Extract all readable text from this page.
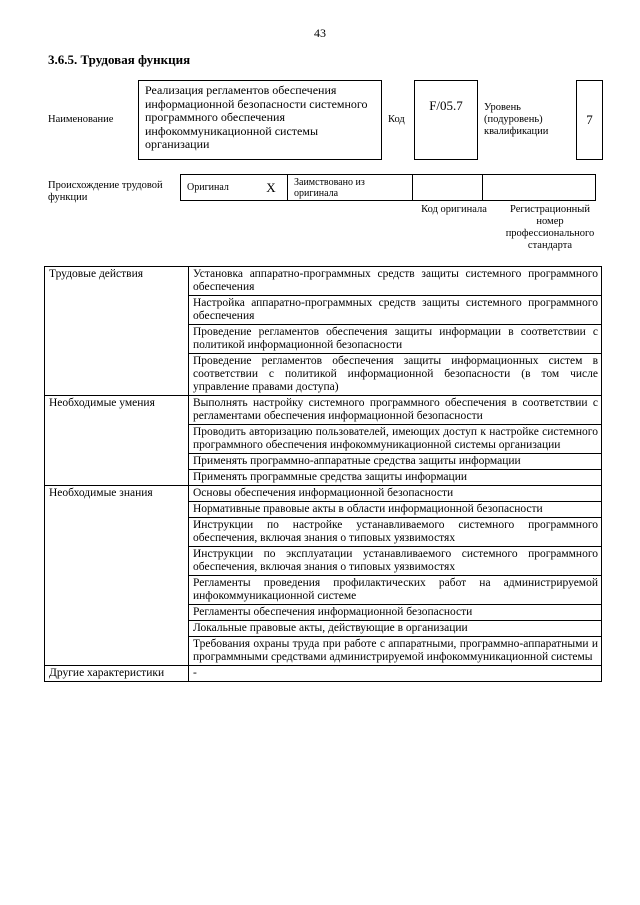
43
3.6.5. Трудовая функция
Наименование
Реализация регламентов обеспечения информационной безопасности системного программного обеспечения инфокоммуникационной системы организации
Код
F/05.7	Уровень (подуровень) квалификации
7
Происхождение трудовой функции
Оригинал	X	Заимствовано из оригинала		
Код оригинала	Регистрационный номер профессионального стандарта
Трудовые действия	Установка аппаратно-программных средств защиты системного программного обеспечения
	Настройка аппаратно-программных средств защиты системного программного обеспечения
	Проведение регламентов обеспечения защиты информации в соответствии с политикой информационной безопасности
	Проведение регламентов обеспечения защиты информационных систем в соответствии с политикой информационной безопасности (в том числе управление правами доступа)
Необходимые умения	Выполнять настройку системного программного обеспечения в соответствии с регламентами обеспечения информационной безопасности
	Проводить авторизацию пользователей, имеющих доступ к настройке системного программного обеспечения инфокоммуникационной системы организации
	Применять программно-аппаратные средства защиты информации
	Применять программные средства защиты информации
Необходимые знания	Основы обеспечения информационной безопасности
	Нормативные правовые акты в области информационной безопасности
	Инструкции по настройке устанавливаемого системного программного обеспечения, включая знания о типовых уязвимостях
	Инструкции по эксплуатации устанавливаемого системного программного обеспечения, включая знания о типовых уязвимостях
	Регламенты проведения профилактических работ на администрируемой инфокоммуникационной системе
	Регламенты обеспечения информационной безопасности
	Локальные правовые акты, действующие в организации
	Требования охраны труда при работе с аппаратными, программно-аппаратными и программными средствами администрируемой инфокоммуникационной системы
Другие характеристики	-
